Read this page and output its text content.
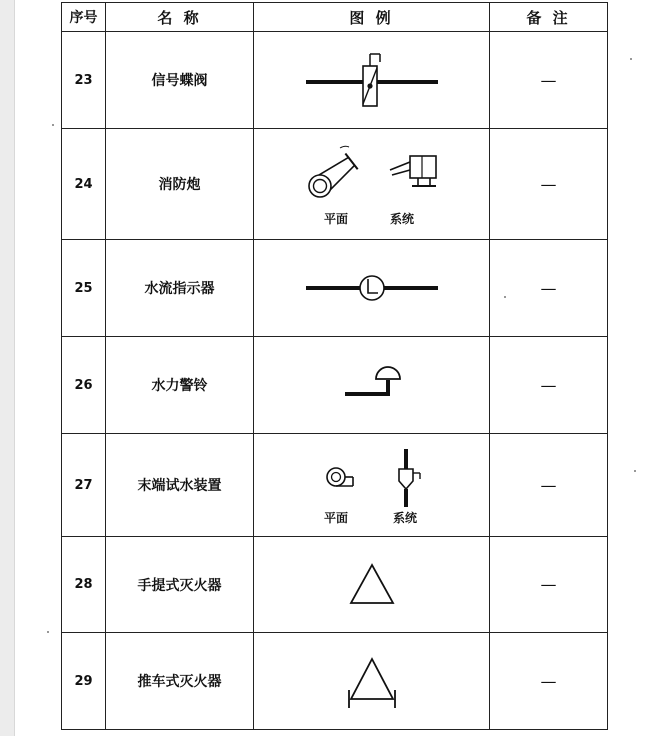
序号	名 称	图 例	备 注
23	信号蝶阀		—
24	消防炮	平面 系统	—
25	水流指示器		—
26	水力警铃		—
27	末端试水装置	平面 系统	—
28	手提式灭火器		—
29	推车式灭火器		—
